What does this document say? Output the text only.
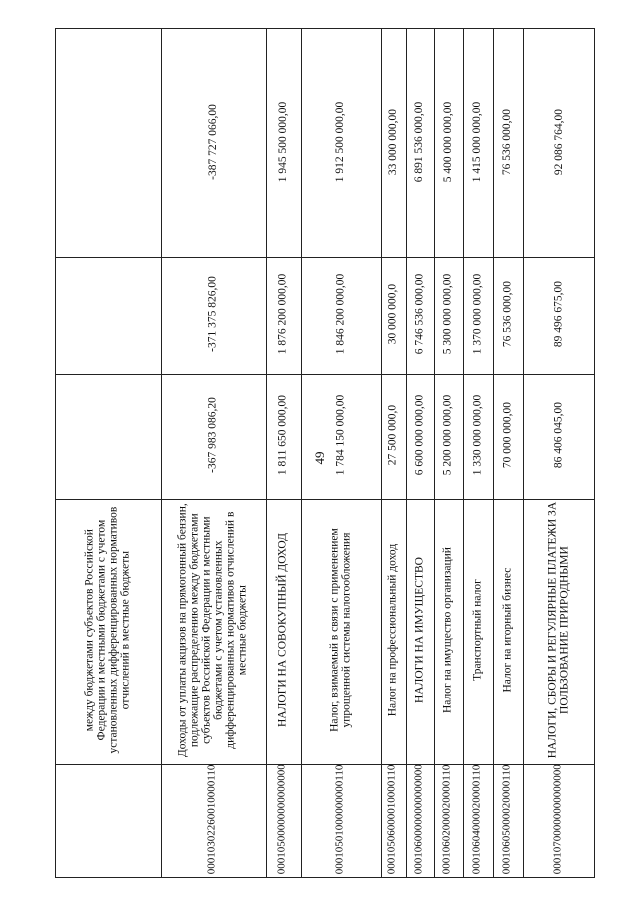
49
между бюджетами субъектов Российской Федерации и местными бюджетами с учетом установленных дифференцированных нормативов отчислений в местные бюджеты
00010302260010000110
Доходы от уплаты акцизов на прямогонный бензин, подлежащие распределению между бюджетами субъектов Российской Федерации и местными бюджетами с учетом установленных дифференцированных нормативов отчислений в местные бюджеты
-367 983 086,20
-371 375 826,00
-387 727 066,00
00010500000000000000
НАЛОГИ НА СОВОКУПНЫЙ ДОХОД
1 811 650 000,00
1 876 200 000,00
1 945 500 000,00
00010501000000000110
Налог, взимаемый в связи с применением упрощенной системы налогообложения
1 784 150 000,00
1 846 200 000,00
1 912 500 000,00
00010506000010000110
Налог на профессиональный доход
27 500 000,0
30 000 000,0
33 000 000,00
00010600000000000000
НАЛОГИ НА ИМУЩЕСТВО
6 600 000 000,00
6 746 536 000,00
6 891 536 000,00
00010602000020000110
Налог на имущество организаций
5 200 000 000,00
5 300 000 000,00
5 400 000 000,00
00010604000020000110
Транспортный налог
1 330 000 000,00
1 370 000 000,00
1 415 000 000,00
00010605000020000110
Налог на игорный бизнес
70 000 000,00
76 536 000,00
76 536 000,00
00010700000000000000
НАЛОГИ, СБОРЫ И РЕГУЛЯРНЫЕ ПЛАТЕЖИ ЗА ПОЛЬЗОВАНИЕ ПРИРОДНЫМИ
86 406 045,00
89 496 675,00
92 086 764,00
